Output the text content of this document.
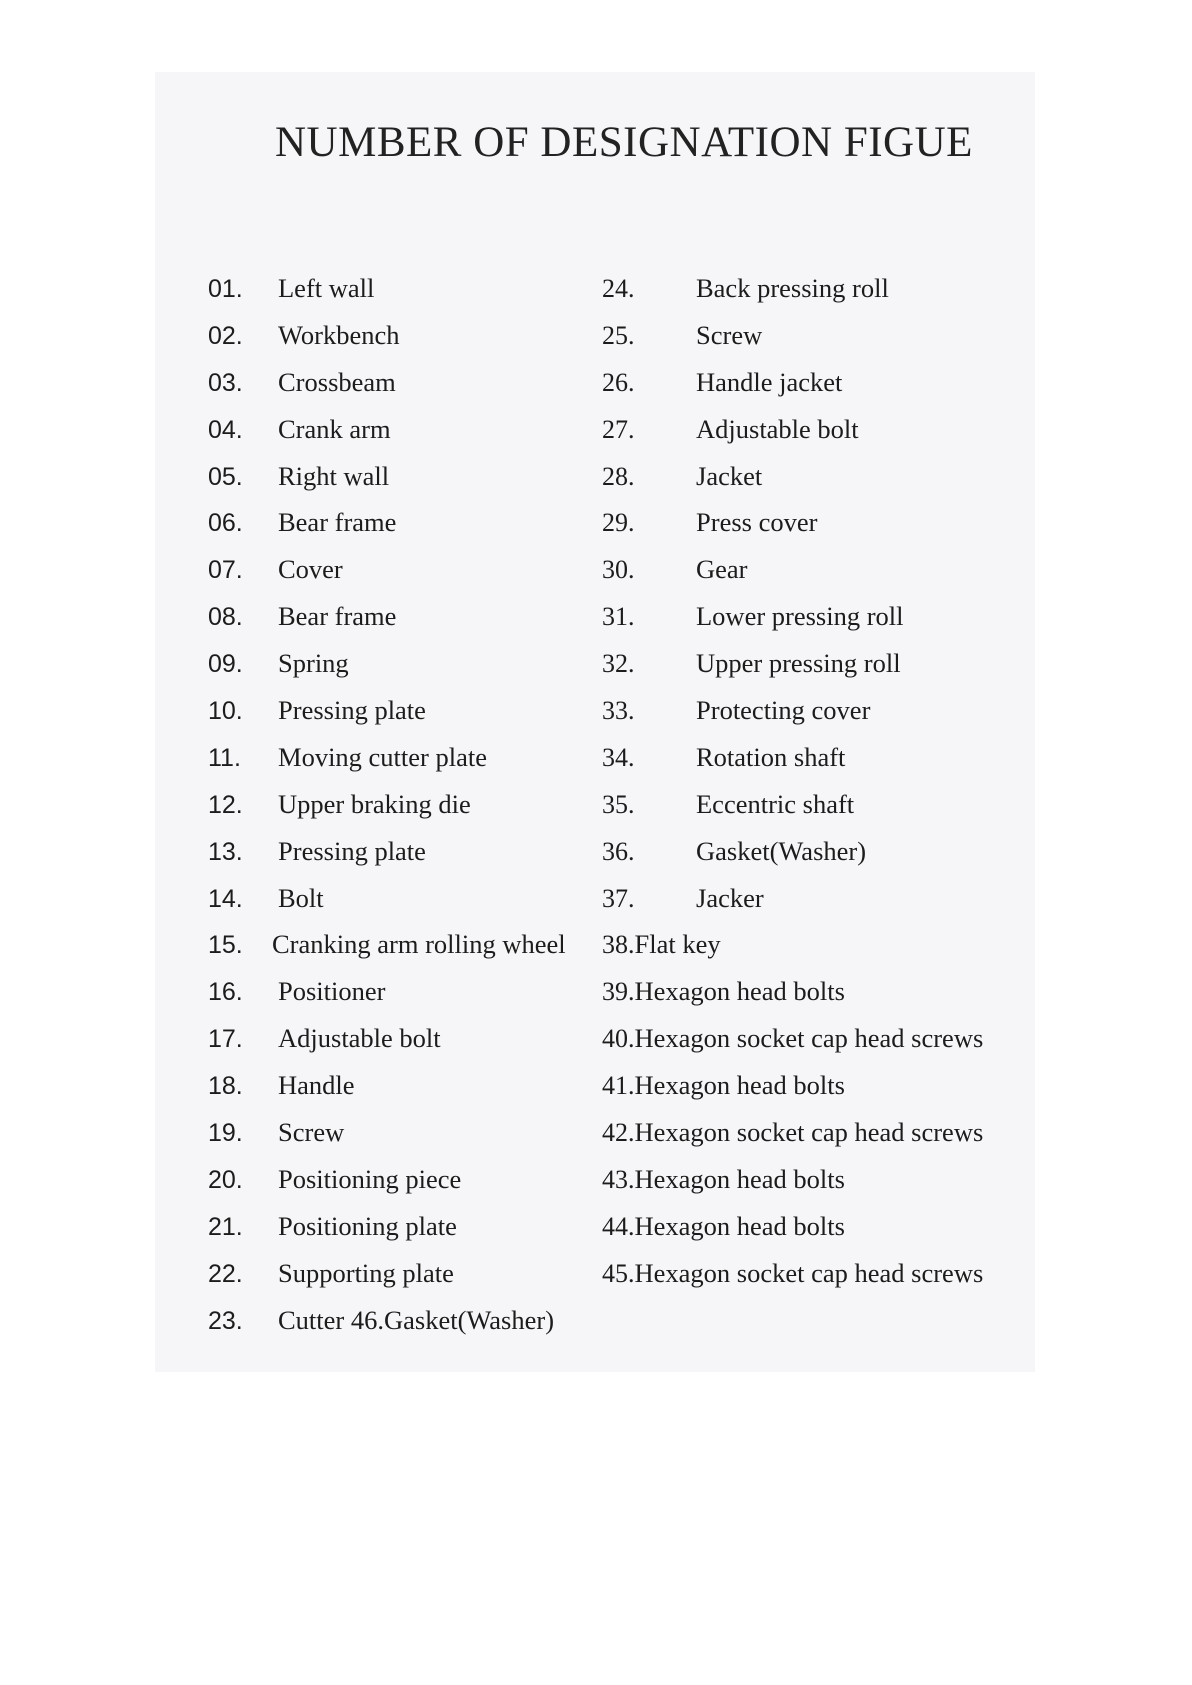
NUMBER OF DESIGNATION FIGUE
01. Left wall
02. Workbench
03. Crossbeam
04. Crank arm
05. Right wall
06. Bear frame
07. Cover
08. Bear frame
09. Spring
10. Pressing plate
11. Moving cutter plate
12. Upper braking die
13. Pressing plate
14. Bolt
15. Cranking arm rolling wheel
16. Positioner
17. Adjustable bolt
18. Handle
19. Screw
20. Positioning piece
21. Positioning plate
22. Supporting plate
23. Cutter 46.Gasket(Washer)
24. Back pressing roll
25. Screw
26. Handle jacket
27. Adjustable bolt
28. Jacket
29. Press cover
30. Gear
31. Lower pressing roll
32. Upper pressing roll
33. Protecting cover
34. Rotation shaft
35. Eccentric shaft
36. Gasket(Washer)
37. Jacker
38.Flat key
39.Hexagon head bolts
40.Hexagon socket cap head screws
41.Hexagon head bolts
42.Hexagon socket cap head screws
43.Hexagon head bolts
44.Hexagon head bolts
45.Hexagon socket cap head screws
